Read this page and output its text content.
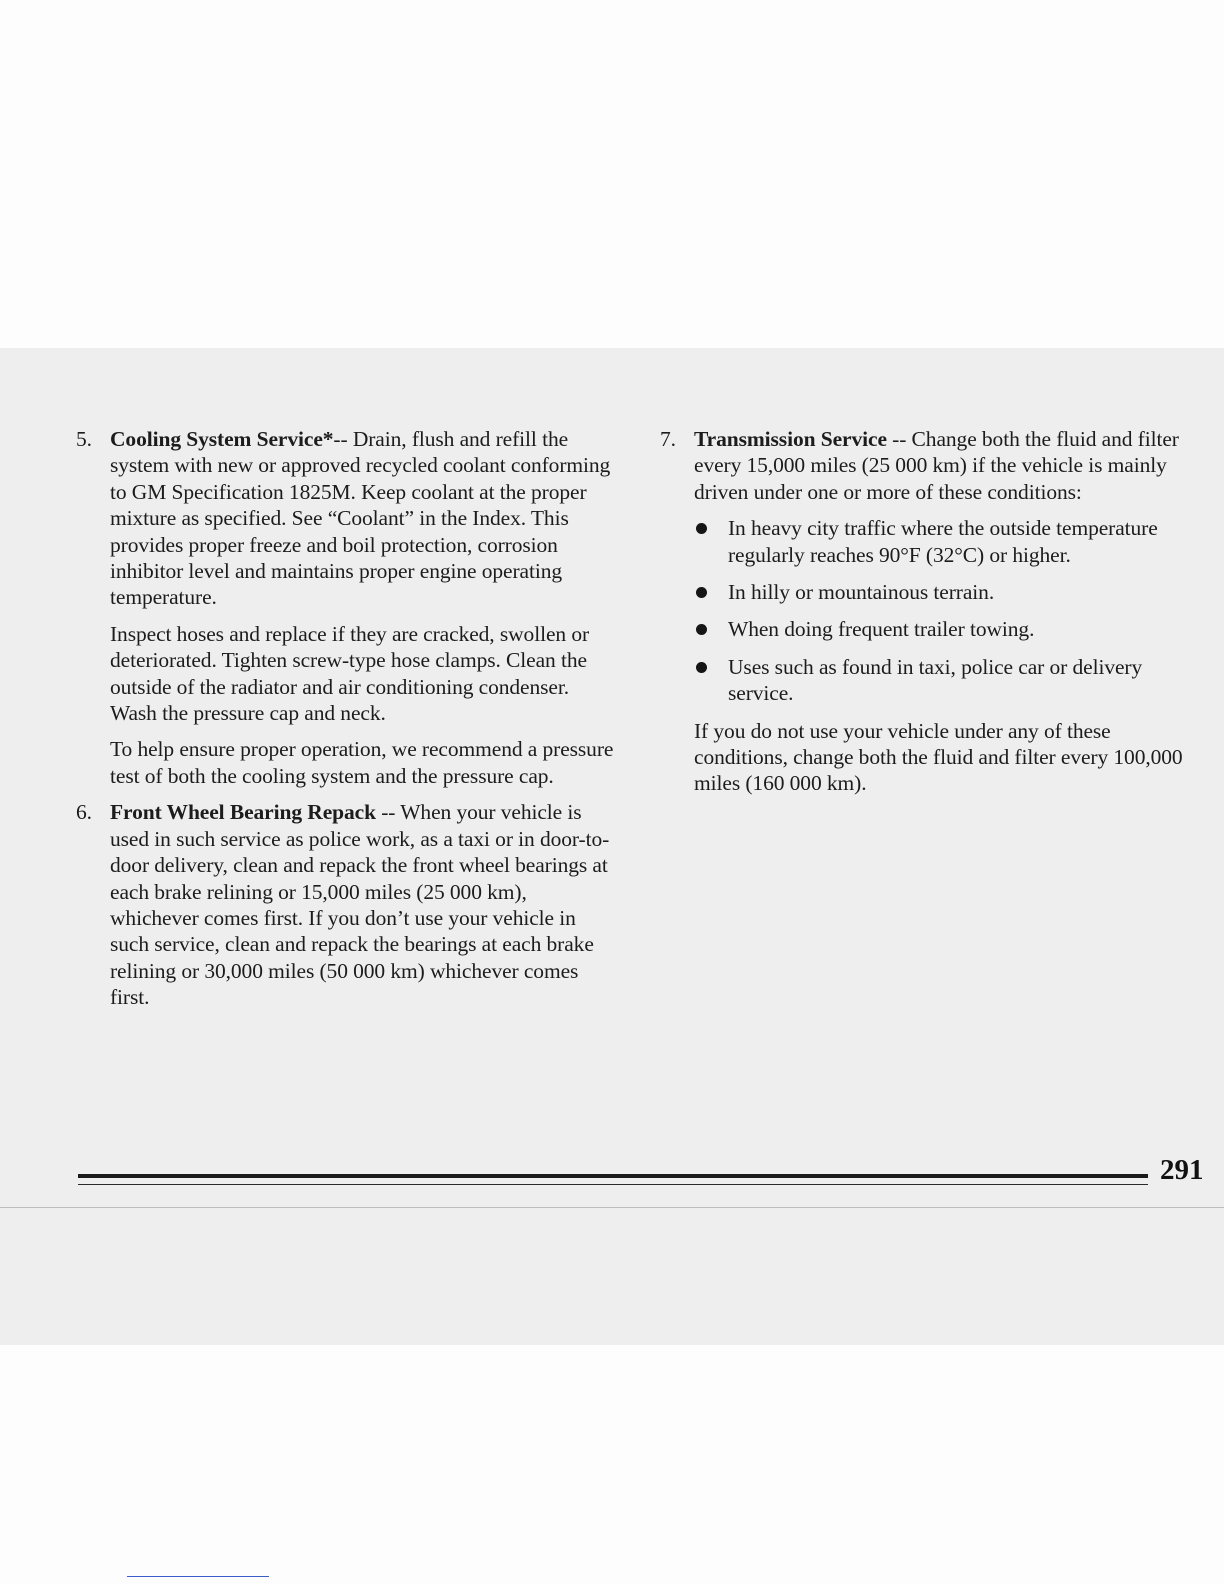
5. Cooling System Service*-- Drain, flush and refill the system with new or approved recycled coolant conforming to GM Specification 1825M. Keep coolant at the proper mixture as specified. See “Coolant” in the Index. This provides proper freeze and boil protection, corrosion inhibitor level and maintains proper engine operating temperature.

Inspect hoses and replace if they are cracked, swollen or deteriorated. Tighten screw-type hose clamps. Clean the outside of the radiator and air conditioning condenser. Wash the pressure cap and neck.

To help ensure proper operation, we recommend a pressure test of both the cooling system and the pressure cap.

6. Front Wheel Bearing Repack -- When your vehicle is used in such service as police work, as a taxi or in door-to-door delivery, clean and repack the front wheel bearings at each brake relining or 15,000 miles (25 000 km), whichever comes first. If you don’t use your vehicle in such service, clean and repack the bearings at each brake relining or 30,000 miles (50 000 km) whichever comes first.

7. Transmission Service -- Change both the fluid and filter every 15,000 miles (25 000 km) if the vehicle is mainly driven under one or more of these conditions:

In heavy city traffic where the outside temperature regularly reaches 90°F (32°C) or higher.
In hilly or mountainous terrain.
When doing frequent trailer towing.
Uses such as found in taxi, police car or delivery service.

If you do not use your vehicle under any of these conditions, change both the fluid and filter every 100,000 miles (160 000 km).

291
